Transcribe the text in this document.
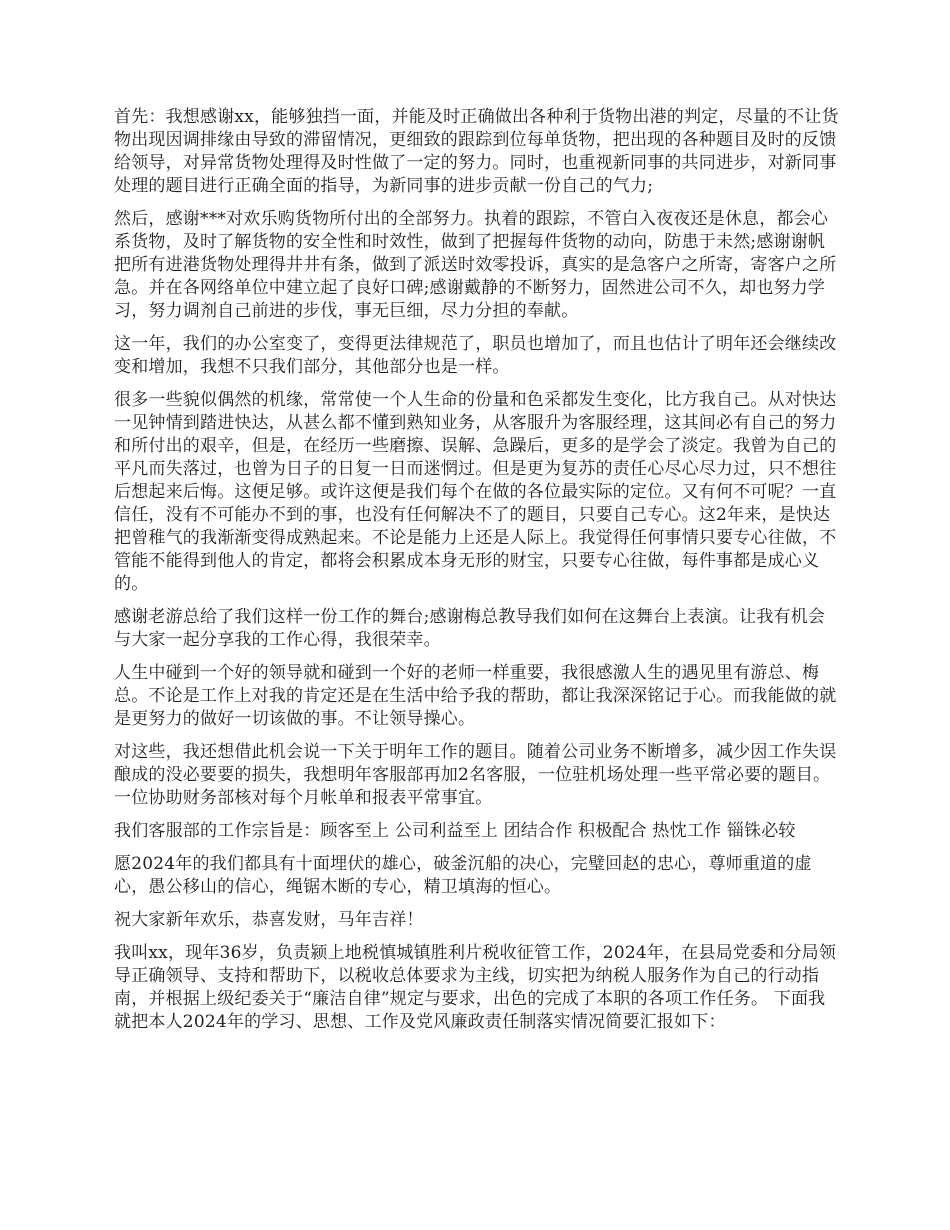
首先：我想感谢xx，能够独挡一面，并能及时正确做出各种利于货物出港的判定，尽量的不让货物出现因调排缘由导致的滞留情况，更细致的跟踪到位每单货物，把出现的各种题目及时的反馈给领导，对异常货物处理得及时性做了一定的努力。同时，也重视新同事的共同进步，对新同事处理的题目进行正确全面的指导，为新同事的进步贡献一份自己的气力;

然后，感谢***对欢乐购货物所付出的全部努力。执着的跟踪，不管白入夜夜还是休息，都会心系货物，及时了解货物的安全性和时效性，做到了把握每件货物的动向，防患于未然;感谢谢帆把所有进港货物处理得井井有条，做到了派送时效零投诉，真实的是急客户之所寄，寄客户之所急。并在各网络单位中建立起了良好口碑;感谢戴静的不断努力，固然进公司不久，却也努力学习，努力调剂自己前进的步伐，事无巨细，尽力分担的奉献。

这一年，我们的办公室变了，变得更法律规范了，职员也增加了，而且也估计了明年还会继续改变和增加，我想不只我们部分，其他部分也是一样。

很多一些貌似偶然的机缘，常常使一个人生命的份量和色采都发生变化，比方我自己。从对快达一见钟情到踏进快达，从甚么都不懂到熟知业务，从客服升为客服经理，这其间必有自己的努力和所付出的艰辛，但是，在经历一些磨擦、误解、急躁后，更多的是学会了淡定。我曾为自己的平凡而失落过，也曾为日子的日复一日而迷惘过。但是更为复苏的责任心尽心尽力过，只不想往后想起来后悔。这便足够。或许这便是我们每个在做的各位最实际的定位。又有何不可呢？一直信任，没有不可能办不到的事，也没有任何解决不了的题目，只要自己专心。这2年来，是快达把曾稚气的我渐渐变得成熟起来。不论是能力上还是人际上。我觉得任何事情只要专心往做，不管能不能得到他人的肯定，都将会积累成本身无形的财宝，只要专心往做，每件事都是成心义的。

感谢老游总给了我们这样一份工作的舞台;感谢梅总教导我们如何在这舞台上表演。让我有机会与大家一起分享我的工作心得，我很荣幸。

人生中碰到一个好的领导就和碰到一个好的老师一样重要，我很感激人生的遇见里有游总、梅总。不论是工作上对我的肯定还是在生活中给予我的帮助，都让我深深铭记于心。而我能做的就是更努力的做好一切该做的事。不让领导操心。

对这些，我还想借此机会说一下关于明年工作的题目。随着公司业务不断增多，减少因工作失误酿成的没必要要的损失，我想明年客服部再加2名客服，一位驻机场处理一些平常必要的题目。一位协助财务部核对每个月帐单和报表平常事宜。

我们客服部的工作宗旨是：顾客至上 公司利益至上 团结合作 积极配合 热忱工作 锱铢必较

愿2024年的我们都具有十面埋伏的雄心，破釜沉船的决心，完璧回赵的忠心，尊师重道的虚心，愚公移山的信心，绳锯木断的专心，精卫填海的恒心。

祝大家新年欢乐，恭喜发财，马年吉祥！

我叫xx，现年36岁，负责颍上地税慎城镇胜利片税收征管工作，2024年，在县局党委和分局领导正确领导、支持和帮助下，以税收总体要求为主线，切实把为纳税人服务作为自己的行动指南，并根据上级纪委关于“廉洁自律”规定与要求，出色的完成了本职的各项工作任务。 下面我就把本人2024年的学习、思想、工作及党风廉政责任制落实情况简要汇报如下：
